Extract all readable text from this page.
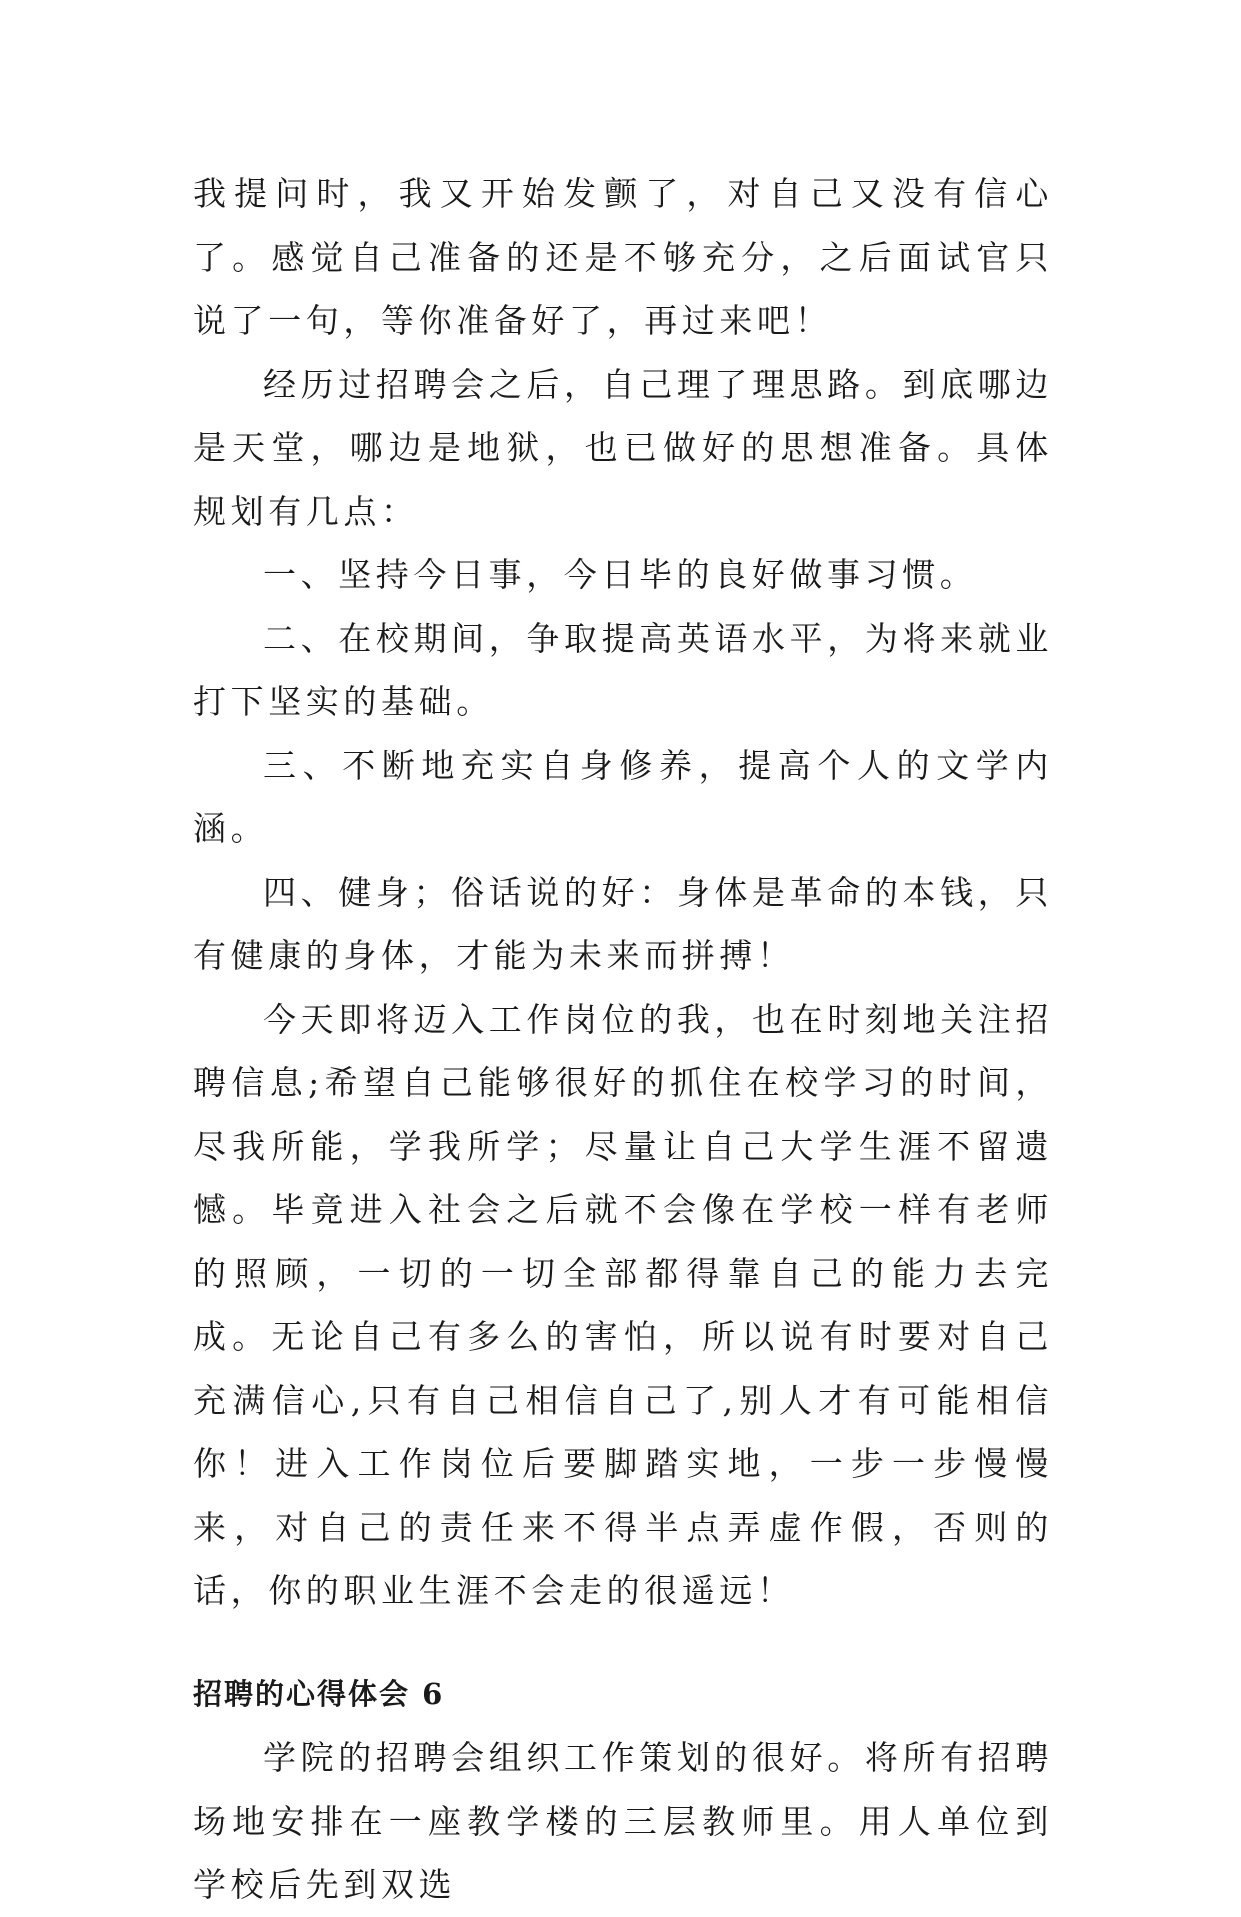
我提问时，我又开始发颤了，对自己又没有信心了。感觉自己准备的还是不够充分，之后面试官只说了一句，等你准备好了，再过来吧！

经历过招聘会之后，自己理了理思路。到底哪边是天堂，哪边是地狱，也已做好的思想准备。具体规划有几点：

一、坚持今日事，今日毕的良好做事习惯。

二、在校期间，争取提高英语水平，为将来就业打下坚实的基础。

三、不断地充实自身修养，提高个人的文学内涵。

四、健身；俗话说的好：身体是革命的本钱，只有健康的身体，才能为未来而拼搏！

今天即将迈入工作岗位的我，也在时刻地关注招聘信息;希望自己能够很好的抓住在校学习的时间，尽我所能，学我所学；尽量让自己大学生涯不留遗憾。毕竟进入社会之后就不会像在学校一样有老师的照顾，一切的一切全部都得靠自己的能力去完成。无论自己有多么的害怕，所以说有时要对自己充满信心,只有自己相信自己了,别人才有可能相信你！进入工作岗位后要脚踏实地，一步一步慢慢来，对自己的责任来不得半点弄虚作假，否则的话，你的职业生涯不会走的很遥远！

招聘的心得体会 6

学院的招聘会组织工作策划的很好。将所有招聘场地安排在一座教学楼的三层教师里。用人单位到学校后先到双选
